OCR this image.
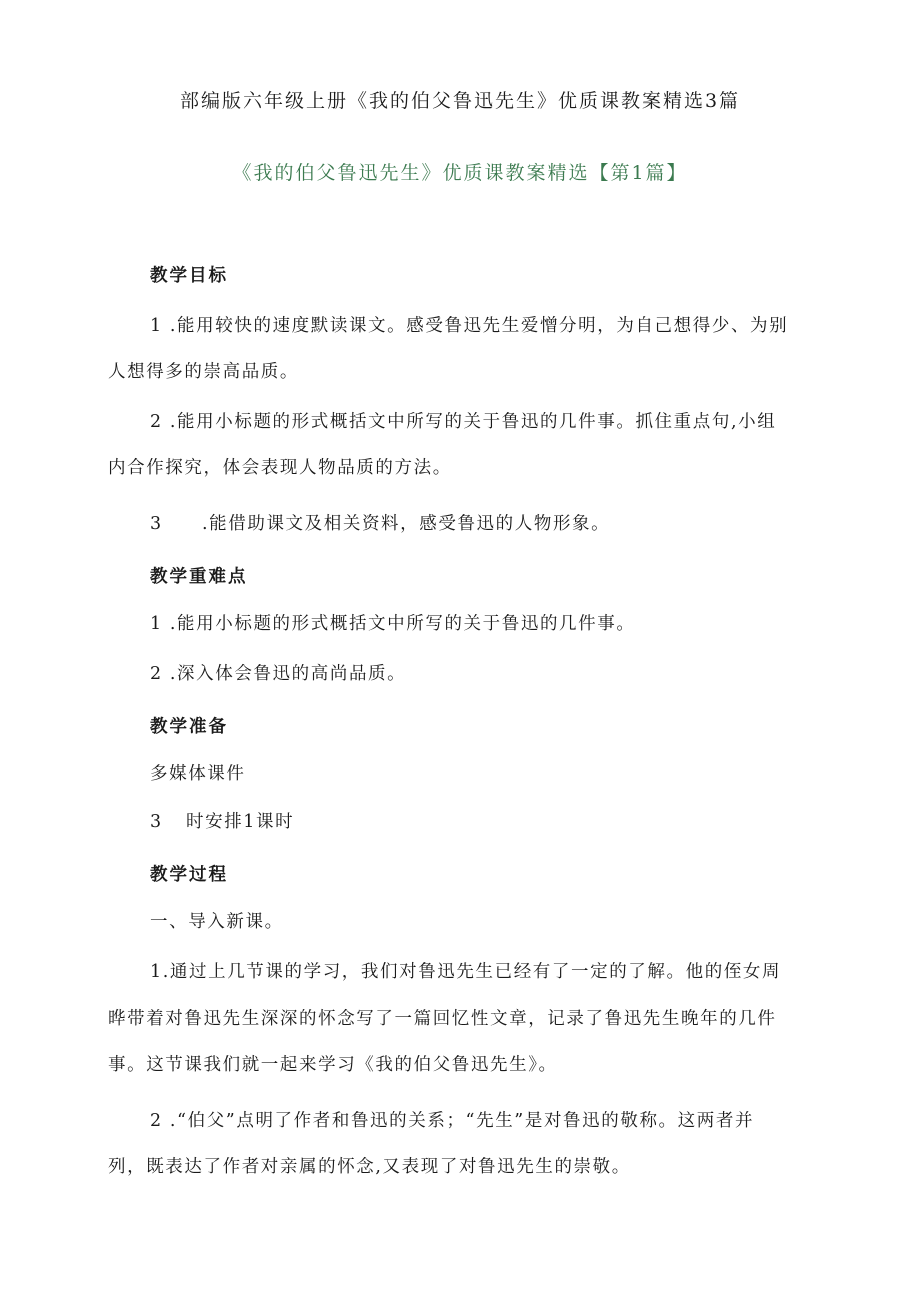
部编版六年级上册《我的伯父鲁迅先生》优质课教案精选3篇
《我的伯父鲁迅先生》优质课教案精选【第1篇】
教学目标
1 .能用较快的速度默读课文。感受鲁迅先生爱憎分明，为自己想得少、为别
人想得多的崇高品质。
2 .能用小标题的形式概括文中所写的关于鲁迅的几件事。抓住重点句,小组
内合作探究，体会表现人物品质的方法。
3 .能借助课文及相关资料，感受鲁迅的人物形象。
教学重难点
1 .能用小标题的形式概括文中所写的关于鲁迅的几件事。
2 .深入体会鲁迅的高尚品质。
教学准备
多媒体课件
3 时安排1课时
教学过程
一、导入新课。
1.通过上几节课的学习，我们对鲁迅先生已经有了一定的了解。他的侄女周
晔带着对鲁迅先生深深的怀念写了一篇回忆性文章，记录了鲁迅先生晚年的几件
事。这节课我们就一起来学习《我的伯父鲁迅先生》。
2 .“伯父”点明了作者和鲁迅的关系；“先生”是对鲁迅的敬称。这两者并
列，既表达了作者对亲属的怀念,又表现了对鲁迅先生的崇敬。
